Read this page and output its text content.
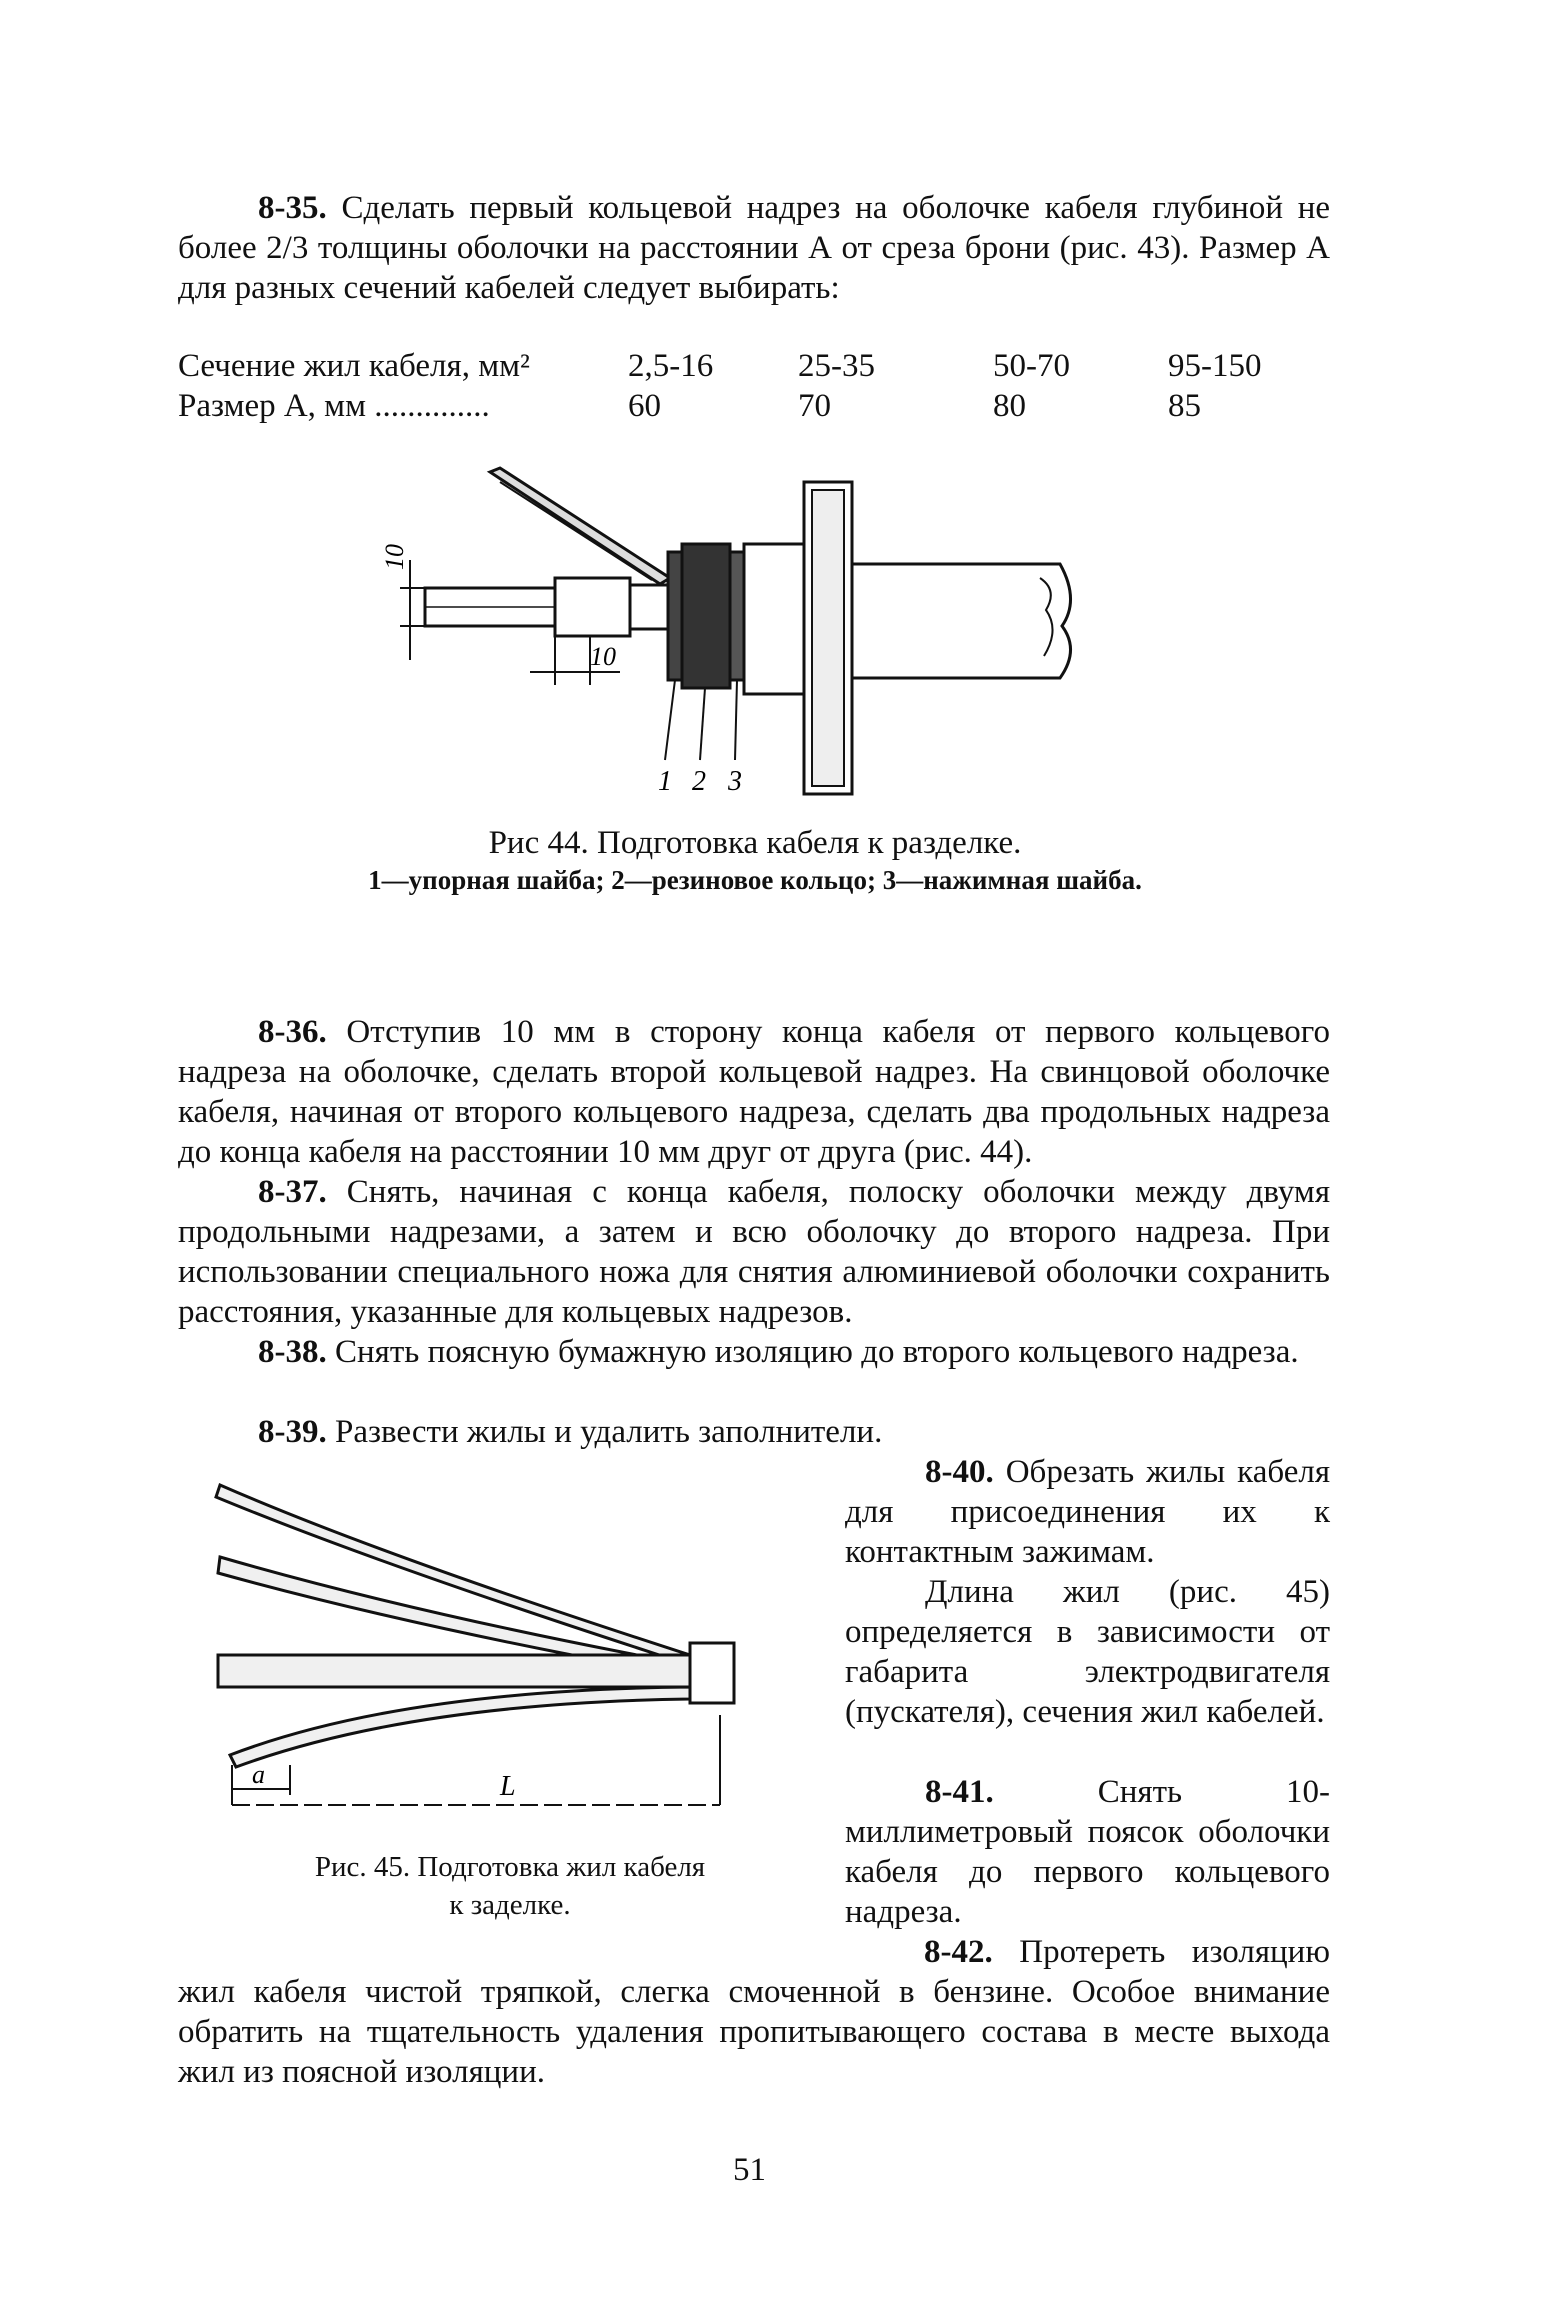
8-35. Сделать первый кольцевой надрез на оболочке кабеля глубиной не более 2/3 толщины оболочки на расстоянии А от среза брони (рис. 43). Размер А для разных сечений кабелей следует выбирать:

Сечение жил кабеля, мм²	2,5-16	25-35	50-70	95-150
Размер А, мм ..............	60	70	80	85
10
10
1 2 3
Рис 44. Подготовка кабеля к разделке.
1—упорная шайба; 2—резиновое кольцо; 3—нажимная шайба.

8-36. Отступив 10 мм в сторону конца кабеля от первого кольцевого надреза на оболочке, сделать второй кольцевой надрез. На свинцовой оболочке кабеля, начиная от второго кольцевого надреза, сделать два продольных надреза до конца кабеля на расстоянии 10 мм друг от друга (рис. 44).

8-37. Снять, начиная с конца кабеля, полоску оболочки между двумя продольными надрезами, а затем и всю оболочку до второго надреза. При использовании специального ножа для снятия алюминиевой оболочки сохранить расстояния, указанные для кольцевых надрезов.

8-38. Снять поясную бумажную изоляцию до второго кольцевого надреза.

8-39. Развести жилы и удалить заполнители.

a	L
Рис. 45. Подготовка жил кабеля
к заделке.

8-40. Обрезать жилы кабеля для присоединения их к контактным зажимам.

Длина жил (рис. 45) определяется в зависимости от габарита электродвигателя (пускателя), сечения жил кабелей.

8-41. Снять 10-миллиметровый поясок оболочки кабеля до первого кольцевого надреза.

8-42. Протереть изоляцию жил кабеля чистой тряпкой, слегка смоченной в бензине. Особое внимание обратить на тщательность удаления пропитывающего состава в месте выхода жил из поясной изоляции.

51
